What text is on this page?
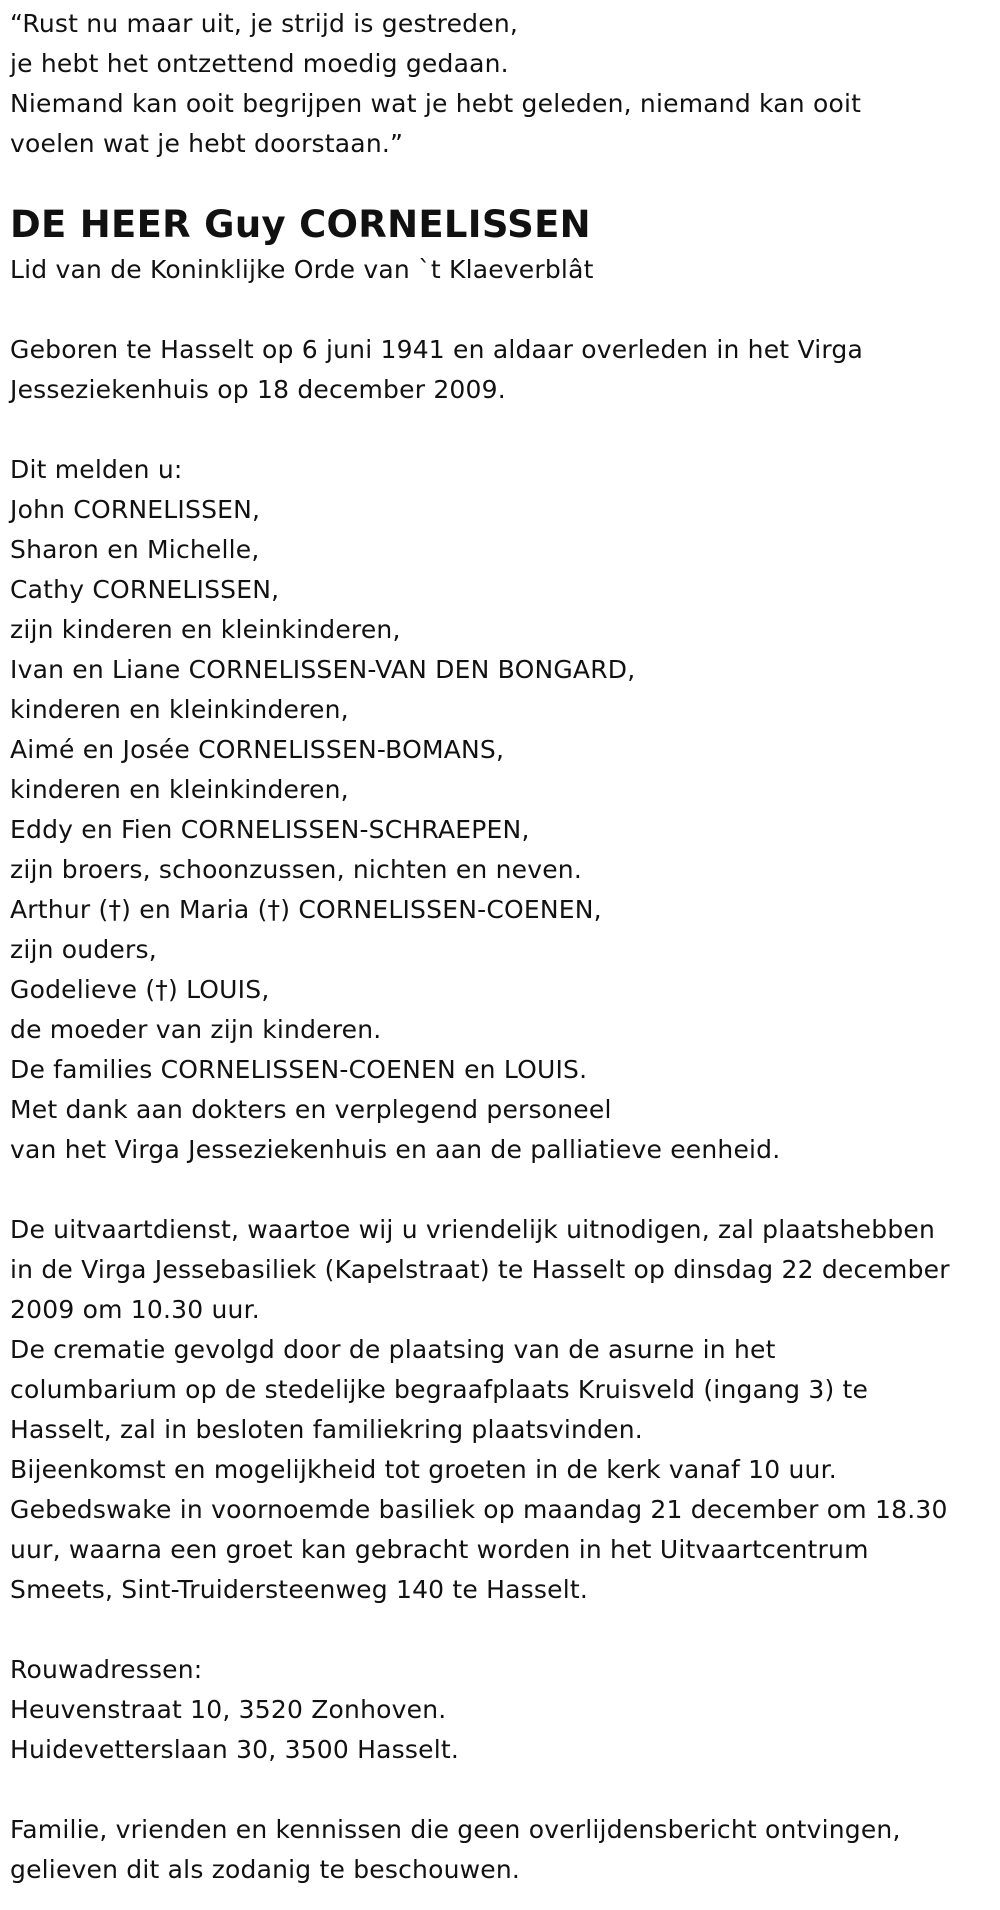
“Rust nu maar uit, je strijd is gestreden,
je hebt het ontzettend moedig gedaan.
Niemand kan ooit begrijpen wat je hebt geleden, niemand kan ooit
voelen wat je hebt doorstaan.”
DE HEER Guy CORNELISSEN
Lid van de Koninklijke Orde van `t Klaeverblât
Geboren te Hasselt op 6 juni 1941 en aldaar overleden in het Virga
Jesseziekenhuis op 18 december 2009.
Dit melden u:
John CORNELISSEN,
Sharon en Michelle,
Cathy CORNELISSEN,
zijn kinderen en kleinkinderen,
Ivan en Liane CORNELISSEN-VAN DEN BONGARD,
kinderen en kleinkinderen,
Aimé en Josée CORNELISSEN-BOMANS,
kinderen en kleinkinderen,
Eddy en Fien CORNELISSEN-SCHRAEPEN,
zijn broers, schoonzussen, nichten en neven.
Arthur (†) en Maria (†) CORNELISSEN-COENEN,
zijn ouders,
Godelieve (†) LOUIS,
de moeder van zijn kinderen.
De families CORNELISSEN-COENEN en LOUIS.
Met dank aan dokters en verplegend personeel
van het Virga Jesseziekenhuis en aan de palliatieve eenheid.
De uitvaartdienst, waartoe wij u vriendelijk uitnodigen, zal plaatshebben
in de Virga Jessebasiliek (Kapelstraat) te Hasselt op dinsdag 22 december
2009 om 10.30 uur.
De crematie gevolgd door de plaatsing van de asurne in het
columbarium op de stedelijke begraafplaats Kruisveld (ingang 3) te
Hasselt, zal in besloten familiekring plaatsvinden.
Bijeenkomst en mogelijkheid tot groeten in de kerk vanaf 10 uur.
Gebedswake in voornoemde basiliek op maandag 21 december om 18.30
uur, waarna een groet kan gebracht worden in het Uitvaartcentrum
Smeets, Sint-Truidersteenweg 140 te Hasselt.
Rouwadressen:
Heuvenstraat 10, 3520 Zonhoven.
Huidevetterslaan 30, 3500 Hasselt.
Familie, vrienden en kennissen die geen overlijdensbericht ontvingen,
gelieven dit als zodanig te beschouwen.
